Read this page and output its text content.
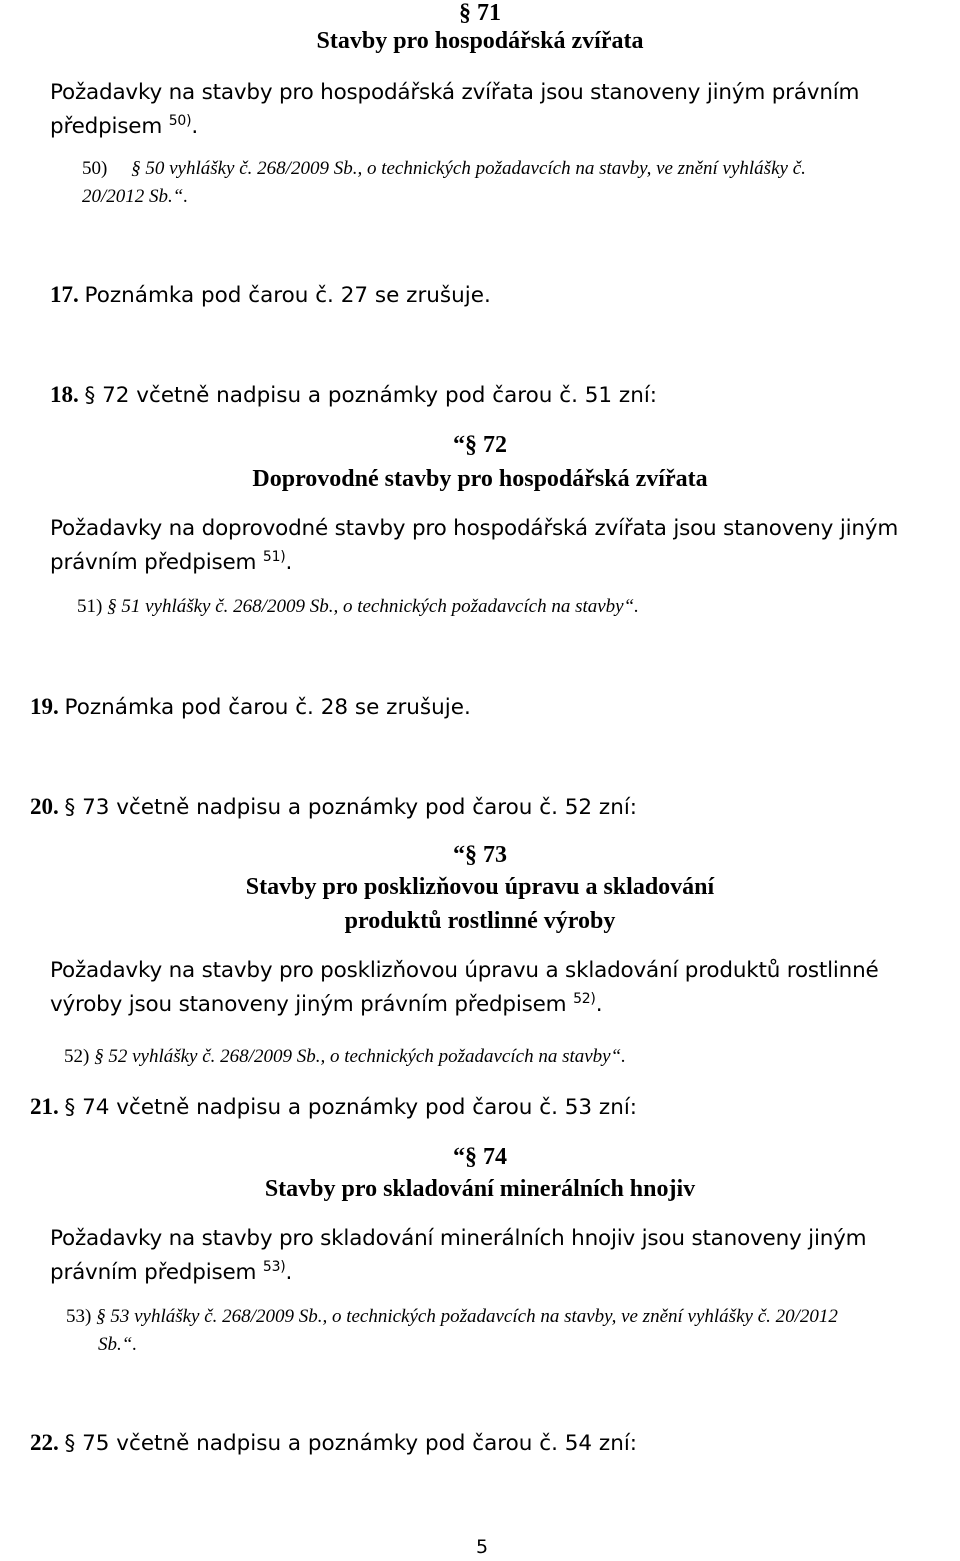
§ 71
Stavby pro hospodářská zvířata
Požadavky na stavby pro hospodářská zvířata jsou stanoveny jiným právním
předpisem $^{50)}$.
50) § 50 vyhlášky č. 268/2009 Sb., o technických požadavcích na stavby, ve znění vyhlášky č.
20/2012 Sb.“.
17. Poznámka pod čarou č. 27 se zrušuje.
18. § 72 včetně nadpisu a poznámky pod čarou č. 51 zní:
“§ 72
Doprovodné stavby pro hospodářská zvířata
Požadavky na doprovodné stavby pro hospodářská zvířata jsou stanoveny jiným
právním předpisem $^{51)}$.
51) § 51 vyhlášky č. 268/2009 Sb., o technických požadavcích na stavby“.
19. Poznámka pod čarou č. 28 se zrušuje.
20. § 73 včetně nadpisu a poznámky pod čarou č. 52 zní:
“§ 73
Stavby pro posklizňovou úpravu a skladování
produktů rostlinné výroby
Požadavky na stavby pro posklizňovou úpravu a skladování produktů rostlinné
výroby jsou stanoveny jiným právním předpisem $^{52)}$.
52) § 52 vyhlášky č. 268/2009 Sb., o technických požadavcích na stavby“.
21. § 74 včetně nadpisu a poznámky pod čarou č. 53 zní:
“§ 74
Stavby pro skladování minerálních hnojiv
Požadavky na stavby pro skladování minerálních hnojiv jsou stanoveny jiným
právním předpisem $^{53)}$.
53) § 53 vyhlášky č. 268/2009 Sb., o technických požadavcích na stavby, ve znění vyhlášky č. 20/2012
Sb.“.
22. § 75 včetně nadpisu a poznámky pod čarou č. 54 zní:
5
